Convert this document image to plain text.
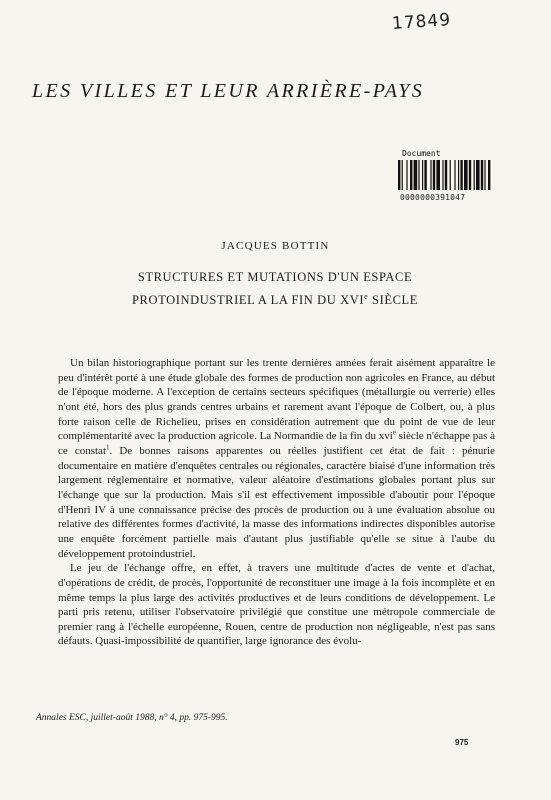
17849
LES VILLES ET LEUR ARRIÈRE-PAYS
Document
0000000391047
JACQUES BOTTIN
STRUCTURES ET MUTATIONS D'UN ESPACE
PROTOINDUSTRIEL A LA FIN DU XVIe SIÈCLE

Un bilan historiographique portant sur les trente dernières années ferait aisément apparaître le peu d'intérêt porté à une étude globale des formes de production non agricoles en France, au début de l'époque moderne. A l'exception de certains secteurs spécifiques (métallurgie ou verrerie) elles n'ont été, hors des plus grands centres urbains et rarement avant l'époque de Colbert, ou, à plus forte raison celle de Richelieu, prises en considération autrement que du point de vue de leur complémentarité avec la production agricole. La Normandie de la fin du xvi$^e$ siècle n'échappe pas à ce constat$^1$. De bonnes raisons apparentes ou réelles justifient cet état de fait : pénurie documentaire en matière d'enquêtes centrales ou régionales, caractère biaisé d'une information très largement réglementaire et normative, valeur aléatoire d'estimations globales portant plus sur l'échange que sur la production. Mais s'il est effectivement impossible d'aboutir pour l'époque d'Henri IV à une connaissance précise des procès de production ou à une évaluation absolue ou relative des différentes formes d'activité, la masse des informations indirectes disponibles autorise une enquête forcément partielle mais d'autant plus justifiable qu'elle se situe à l'aube du développement protoindustriel.

Le jeu de l'échange offre, en effet, à travers une multitude d'actes de vente et d'achat, d'opérations de crédit, de procès, l'opportunité de reconstituer une image à la fois incomplète et en même temps la plus large des activités productives et de leurs conditions de développement. Le parti pris retenu, utiliser l'observatoire privilégié que constitue une métropole commerciale de premier rang à l'échelle européenne, Rouen, centre de production non négligeable, n'est pas sans défauts. Quasi-impossibilité de quantifier, large ignorance des évolu-

Annales ESC, juillet-août 1988, n° 4, pp. 975-995.
975
